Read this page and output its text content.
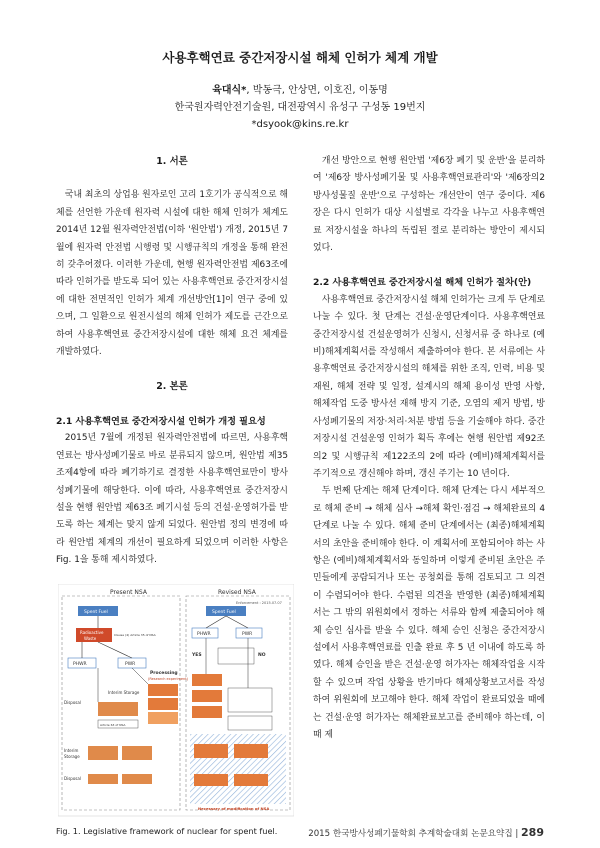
사용후핵연료 중간저장시설 해체 인허가 체계 개발
육대식*, 박동극, 안상면, 이호진, 이동명
한국원자력안전기술원, 대전광역시 유성구 구성동 19번지
*dsyook@kins.re.kr
1. 서론

국내 최초의 상업용 원자로인 고리 1호기가 공식적으로 해체를 선언한 가운데 원자력 시설에 대한 해체 인허가 체계도 2014년 12월 원자력안전법(이하 '원안법') 개정, 2015년 7월에 원자력 안전법 시행령 및 시행규칙의 개정을 통해 완전히 갖추어졌다. 이러한 가운데, 현행 원자력안전법 제63조에 따라 인허가를 받도록 되어 있는 사용후핵연료 중간저장시설에 대한 전면적인 인허가 체계 개선방안[1]이 연구 중에 있으며, 그 일환으로 원전시설의 해체 인허가 제도를 근간으로 하여 사용후핵연료 중간저장시설에 대한 해체 요건 체계를 개발하였다.

2. 본론
2.1 사용후핵연료 중간저장시설 인허가 개정 필요성

2015년 7월에 개정된 원자력안전법에 따르면, 사용후핵연료는 방사성폐기물로 바로 분류되지 않으며, 원안법 제35조제4항에 따라 폐기하기로 결정한 사용후핵연료만이 방사성폐기물에 해당한다. 이에 따라, 사용후핵연료 중간저장시설을 현행 원안법 제63조 폐기시설 등의 건설·운영허가를 받도록 하는 체계는 맞지 않게 되었다. 원안법 정의 변경에 따라 원안법 체계의 개선이 필요하게 되었으며 이러한 사항은 Fig. 1을 통해 제시하였다.

개선 방안으로 현행 원안법 '제6장 폐기 및 운반'을 분리하여 '제6장 방사성폐기물 및 사용후핵연료관리'와 '제6장의2 방사성물질 운반'으로 구성하는 개선안이 연구 중이다. 제6장은 다시 인허가 대상 시설별로 각각을 나누고 사용후핵연료 저장시설을 하나의 독립된 절로 분리하는 방안이 제시되었다.

2.2 사용후핵연료 중간저장시설 해체 인허가 절차(안)

사용후핵연료 중간저장시설 해체 인허가는 크게 두 단계로 나눌 수 있다. 첫 단계는 건설·운영단계이다. 사용후핵연료 중간저장시설 건설운영허가 신청시, 신청서류 중 하나로 (예비)해체계획서를 작성해서 제출하여야 한다. 본 서류에는 사용후핵연료 중간저장시설의 해체를 위한 조직, 인력, 비용 및 재원, 해체 전략 및 일정, 설계시의 해체 용이성 반영 사항, 해체작업 도중 방사선 재해 방지 기준, 오염의 제거 방법, 방사성폐기물의 저장·처리·처분 방법 등을 기술해야 하다. 중간저장시설 건설운영 인허가 획득 후에는 현행 원안법 제92조의2 및 시행규칙 제122조의 2에 따라 (예비)해체계획서를 주기적으로 갱신해야 하며, 갱신 주기는 10 년이다.

두 번째 단계는 해체 단계이다. 해체 단계는 다시 세부적으로 해체 준비 → 해체 심사 →해체 확인·점검 → 해체완료의 4단계로 나눌 수 있다. 해체 준비 단계에서는 (최종)해체계획서의 초안을 준비해야 한다. 이 계획서에 포함되어야 하는 사항은 (예비)해체계획서와 동일하며 이렇게 준비된 초안은 주민들에게 공람되거나 또는 공청회를 통해 검토되고 그 의견이 수렴되어야 한다. 수렴된 의견을 반영한 (최종)해체계획서는 그 밖의 위원회에서 정하는 서류와 함께 제출되어야 해체 승인 심사를 받을 수 있다. 해체 승인 신청은 중간저장시설에서 사용후핵연료를 인출 완료 후 5 년 이내에 하도록 하였다. 해체 승인을 받은 건설·운영 허가자는 해체작업을 시작할 수 있으며 작업 상황을 반기마다 해체상황보고서를 작성하여 위원회에 보고해야 한다. 해체 작업이 완료되었을 때에는 건설·운영 허가자는 해체완료보고를 준비해야 하는데, 이 때 제

Present NSA	Revised NSA
Enforcement : 2015.07.07
Spent Fuel
Radioactive
Waste
Clause (4) Article 35 of NSA
PHWR	PWR
Processing
(Research experiment)
Interim Storage
Disposal
Article 63 of NSA
Interim
Storage
Disposal
Spent Fuel
PHWR	PWR
YES	NO
Necessary of modification of NSA
Fig. 1. Legislative framework of nuclear for spent fuel.	2015 한국방사성폐기물학회 추계학술대회 논문요약집 | 289
